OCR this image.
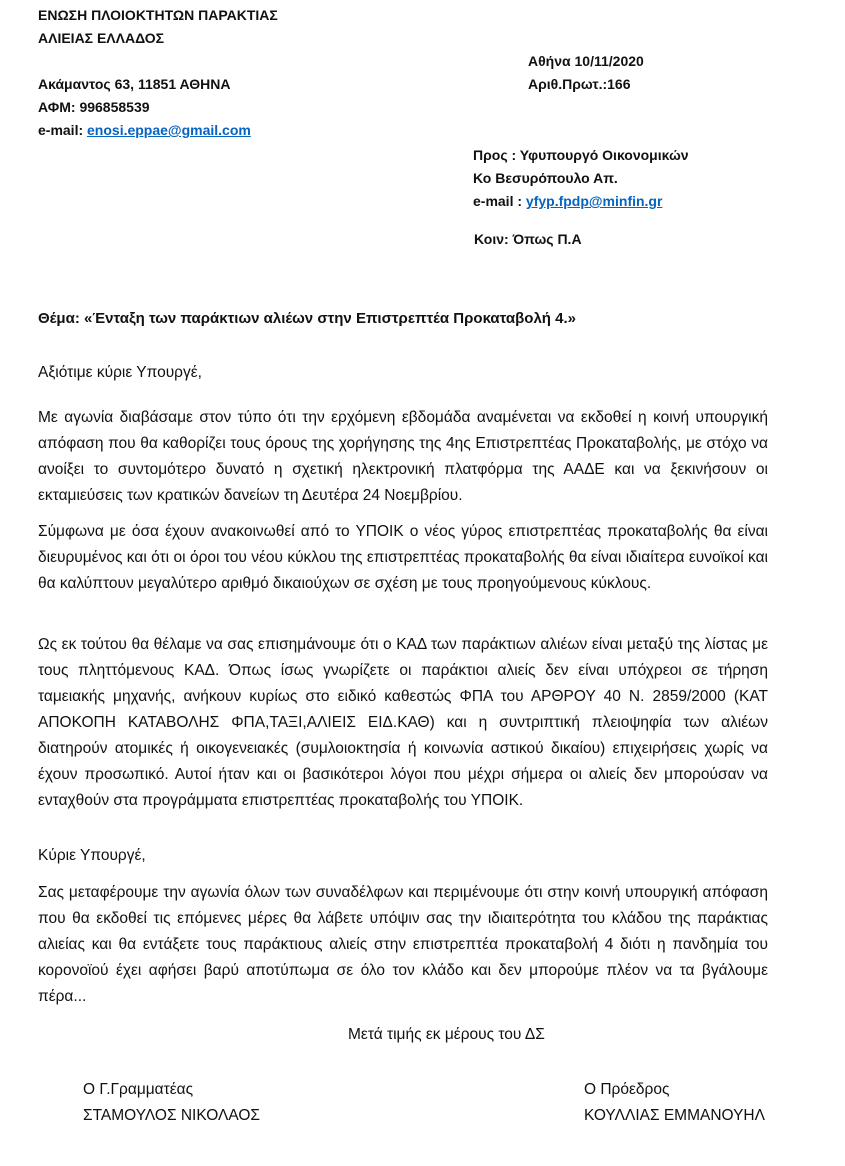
ΕΝΩΣΗ ΠΛΟΙΟΚΤΗΤΩΝ ΠΑΡΑΚΤΙΑΣ
ΑΛΙΕΙΑΣ ΕΛΛΑΔΟΣ
Ακάμαντος 63, 11851 ΑΘΗΝΑ
ΑΦΜ: 996858539
e-mail: enosi.eppae@gmail.com
Αθήνα 10/11/2020
Αριθ.Πρωτ.:166
Προς : Υφυπουργό Οικονομικών
Κο Βεσυρόπουλο Απ.
e-mail : yfyp.fpdp@minfin.gr
Κοιν: Όπως Π.Α
Θέμα: «Ένταξη των παράκτιων αλιέων στην Επιστρεπτέα Προκαταβολή 4.»
Αξιότιμε κύριε Υπουργέ,

Με αγωνία διαβάσαμε στον τύπο ότι την ερχόμενη εβδομάδα αναμένεται να εκδοθεί η κοινή υπουργική απόφαση που θα καθορίζει τους όρους της χορήγησης της 4ης Επιστρεπτέας Προκαταβολής, με στόχο να ανοίξει το συντομότερο δυνατό η σχετική ηλεκτρονική πλατφόρμα της ΑΑΔΕ και να ξεκινήσουν οι εκταμιεύσεις των κρατικών δανείων τη Δευτέρα 24 Νοεμβρίου.

Σύμφωνα με όσα έχουν ανακοινωθεί από το ΥΠΟΙΚ ο νέος γύρος επιστρεπτέας προκαταβολής θα είναι διευρυμένος και ότι οι όροι του νέου κύκλου της επιστρεπτέας προκαταβολής θα είναι ιδιαίτερα ευνοϊκοί και θα καλύπτουν μεγαλύτερο αριθμό δικαιούχων σε σχέση με τους προηγούμενους κύκλους.

Ως εκ τούτου θα θέλαμε να σας επισημάνουμε ότι ο ΚΑΔ των παράκτιων αλιέων είναι μεταξύ της λίστας με τους πληττόμενους ΚΑΔ. Όπως ίσως γνωρίζετε οι παράκτιοι αλιείς δεν είναι υπόχρεοι σε τήρηση ταμειακής μηχανής, ανήκουν κυρίως στο ειδικό καθεστώς ΦΠΑ του ΑΡΘΡΟΥ 40 Ν. 2859/2000 (ΚΑΤ ΑΠΟΚΟΠΗ ΚΑΤΑΒΟΛΗΣ ΦΠΑ,ΤΑΞΙ,ΑΛΙΕΙΣ ΕΙΔ.ΚΑΘ) και η συντριπτική πλειοψηφία των αλιέων διατηρούν ατομικές ή οικογενειακές (συμλοιοκτησία ή κοινωνία αστικού δικαίου) επιχειρήσεις χωρίς να έχουν προσωπικό. Αυτοί ήταν και οι βασικότεροι λόγοι που μέχρι σήμερα οι αλιείς δεν μπορούσαν να ενταχθούν στα προγράμματα επιστρεπτέας προκαταβολής του ΥΠΟΙΚ.

Κύριε Υπουργέ,

Σας μεταφέρουμε την αγωνία όλων των συναδέλφων και περιμένουμε ότι στην κοινή υπουργική απόφαση που θα εκδοθεί τις επόμενες μέρες θα λάβετε υπόψιν σας την ιδιαιτερότητα του κλάδου της παράκτιας αλιείας και θα εντάξετε τους παράκτιους αλιείς στην επιστρεπτέα προκαταβολή 4 διότι η πανδημία του κορονοϊού έχει αφήσει βαρύ αποτύπωμα σε όλο τον κλάδο και δεν μπορούμε πλέον να τα βγάλουμε πέρα...

Μετά τιμής εκ μέρους του ΔΣ
Ο Γ.Γραμματέας
ΣΤΑΜΟΥΛΟΣ ΝΙΚΟΛΑΟΣ
Ο Πρόεδρος
ΚΟΥΛΛΙΑΣ ΕΜΜΑΝΟΥΗΛ
